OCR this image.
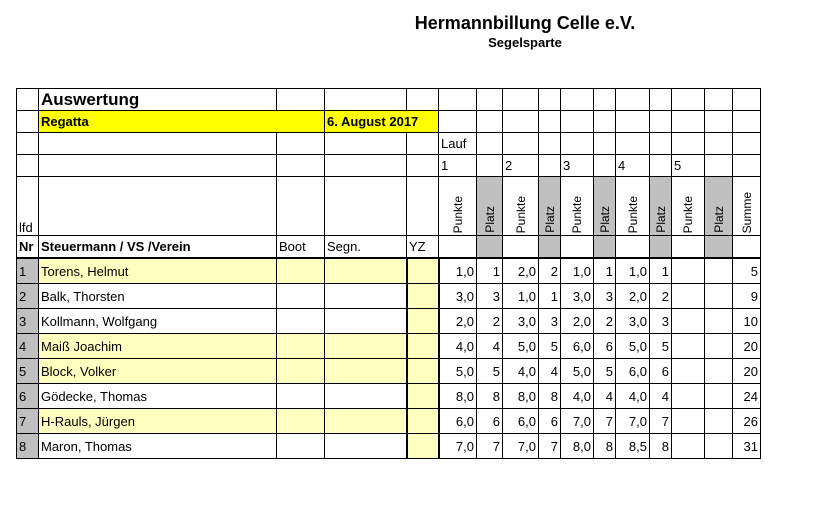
Hermannbillung Celle e.V.
Segelsparte
	Auswertung														
	Regatta		6. August 2017												
					Lauf										
					1		2		3		4		5		
lfd					Punkte	Platz	Punkte	Platz	Punkte	Platz	Punkte	Platz	Punkte	Platz	Summe

Nr	Steuermann / VS /Verein	Boot	Segn.	YZ											
1	Torens, Helmut				1,0	1	2,0	2	1,0	1	1,0	1			5
2	Balk, Thorsten				3,0	3	1,0	1	3,0	3	2,0	2			9
3	Kollmann, Wolfgang				2,0	2	3,0	3	2,0	2	3,0	3			10
4	Maiß Joachim				4,0	4	5,0	5	6,0	6	5,0	5			20
5	Block, Volker				5,0	5	4,0	4	5,0	5	6,0	6			20
6	Gödecke, Thomas				8,0	8	8,0	8	4,0	4	4,0	4			24
7	H-Rauls, Jürgen				6,0	6	6,0	6	7,0	7	7,0	7			26
8	Maron, Thomas				7,0	7	7,0	7	8,0	8	8,5	8			31
